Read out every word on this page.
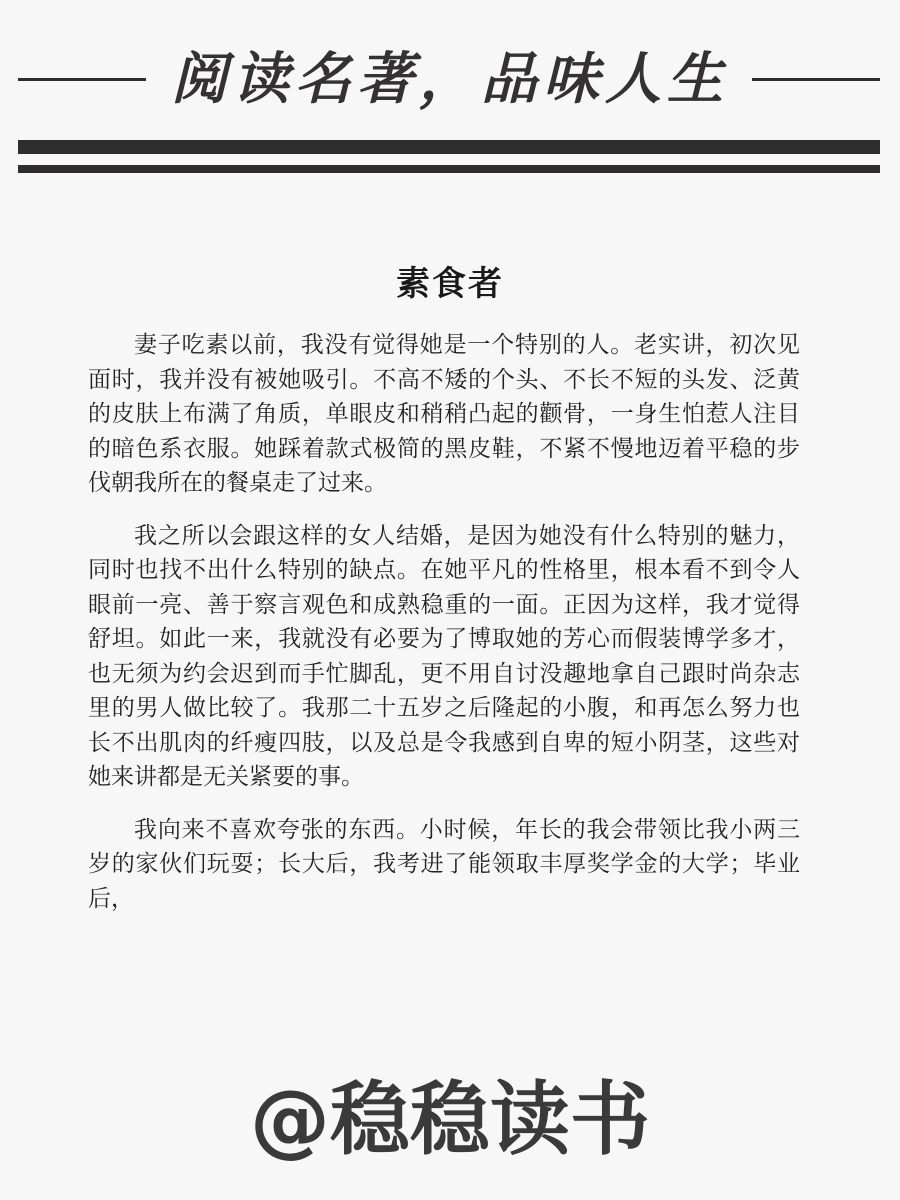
阅读名著，品味人生
素食者

妻子吃素以前，我没有觉得她是一个特别的人。老实讲，初次见面时，我并没有被她吸引。不高不矮的个头、不长不短的头发、泛黄的皮肤上布满了角质，单眼皮和稍稍凸起的颧骨，一身生怕惹人注目的暗色系衣服。她踩着款式极简的黑皮鞋，不紧不慢地迈着平稳的步伐朝我所在的餐桌走了过来。

我之所以会跟这样的女人结婚，是因为她没有什么特别的魅力，同时也找不出什么特别的缺点。在她平凡的性格里，根本看不到令人眼前一亮、善于察言观色和成熟稳重的一面。正因为这样，我才觉得舒坦。如此一来，我就没有必要为了博取她的芳心而假装博学多才，也无须为约会迟到而手忙脚乱，更不用自讨没趣地拿自己跟时尚杂志里的男人做比较了。我那二十五岁之后隆起的小腹，和再怎么努力也长不出肌肉的纤瘦四肢，以及总是令我感到自卑的短小阴茎，这些对她来讲都是无关紧要的事。

我向来不喜欢夸张的东西。小时候，年长的我会带领比我小两三岁的家伙们玩耍；长大后，我考进了能领取丰厚奖学金的大学；毕业后，

@稳稳读书
